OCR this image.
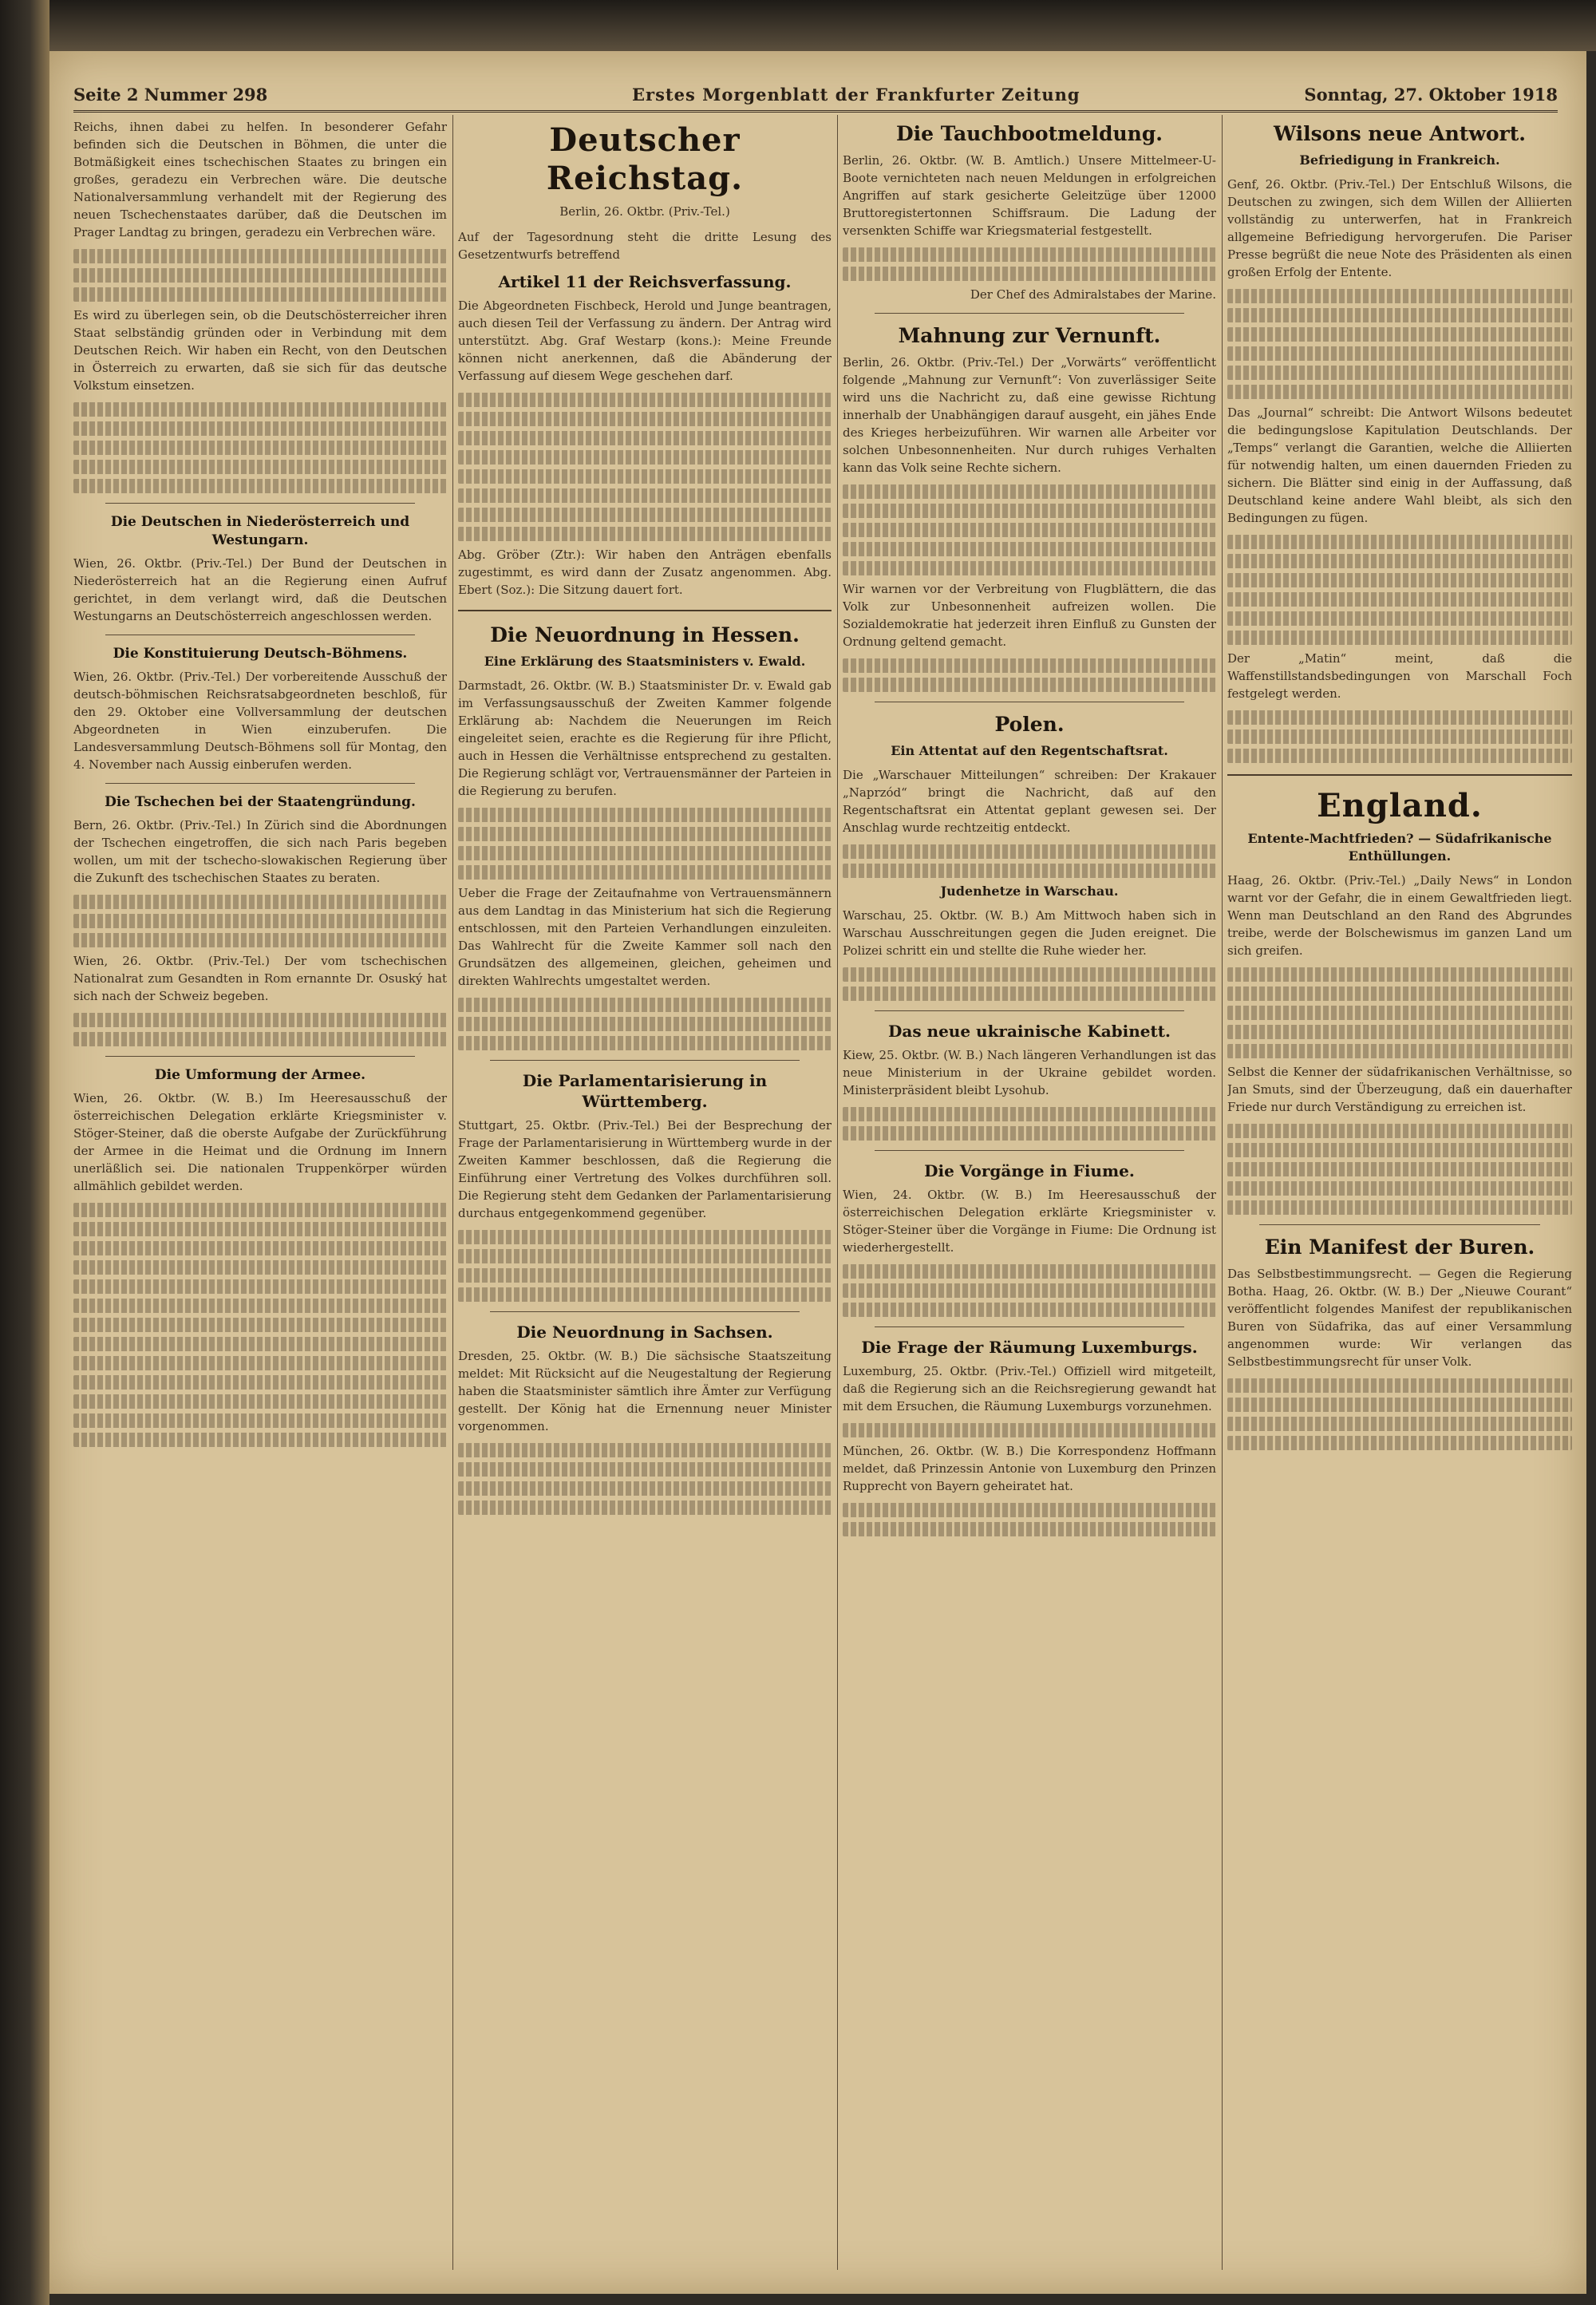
Seite 2 Nummer 298	Erstes Morgenblatt der Frankfurter Zeitung	Sonntag, 27. Oktober 1918

Reichs, ihnen dabei zu helfen. In besonderer Gefahr befinden sich die Deutschen in Böhmen, die unter die Botmäßigkeit eines tschechischen Staates zu bringen ein großes, geradezu ein Verbrechen wäre. Die deutsche Nationalversammlung verhandelt mit der Regierung des neuen Tschechenstaates darüber, daß die Deutschen im Prager Landtag zu bringen, geradezu ein Verbrechen wäre.

Es wird zu überlegen sein, ob die Deutschösterreicher ihren Staat selbständig gründen oder in Verbindung mit dem Deutschen Reich. Wir haben ein Recht, von den Deutschen in Österreich zu erwarten, daß sie sich für das deutsche Volkstum einsetzen.

Die Deutschen in Niederösterreich und Westungarn.

Wien, 26. Oktbr. (Priv.-Tel.) Der Bund der Deutschen in Niederösterreich hat an die Regierung einen Aufruf gerichtet, in dem verlangt wird, daß die Deutschen Westungarns an Deutschösterreich angeschlossen werden.

Die Konstituierung Deutsch-Böhmens.

Wien, 26. Oktbr. (Priv.-Tel.) Der vorbereitende Ausschuß der deutsch-böhmischen Reichsratsabgeordneten beschloß, für den 29. Oktober eine Vollversammlung der deutschen Abgeordneten in Wien einzuberufen. Die Landesversammlung Deutsch-Böhmens soll für Montag, den 4. November nach Aussig einberufen werden.

Die Tschechen bei der Staatengründung.

Bern, 26. Oktbr. (Priv.-Tel.) In Zürich sind die Abordnungen der Tschechen eingetroffen, die sich nach Paris begeben wollen, um mit der tschecho-slowakischen Regierung über die Zukunft des tschechischen Staates zu beraten.

Wien, 26. Oktbr. (Priv.-Tel.) Der vom tschechischen Nationalrat zum Gesandten in Rom ernannte Dr. Osuský hat sich nach der Schweiz begeben.

Die Umformung der Armee.

Wien, 26. Oktbr. (W. B.) Im Heeresausschuß der österreichischen Delegation erklärte Kriegsminister v. Stöger-Steiner, daß die oberste Aufgabe der Zurückführung der Armee in die Heimat und die Ordnung im Innern unerläßlich sei. Die nationalen Truppenkörper würden allmählich gebildet werden.

Deutscher Reichstag.

Berlin, 26. Oktbr. (Priv.-Tel.)

Auf der Tagesordnung steht die dritte Lesung des Gesetzentwurfs betreffend

Artikel 11 der Reichsverfassung.

Die Abgeordneten Fischbeck, Herold und Junge beantragen, auch diesen Teil der Verfassung zu ändern. Der Antrag wird unterstützt. Abg. Graf Westarp (kons.): Meine Freunde können nicht anerkennen, daß die Abänderung der Verfassung auf diesem Wege geschehen darf.

Abg. Gröber (Ztr.): Wir haben den Anträgen ebenfalls zugestimmt, es wird dann der Zusatz angenommen. Abg. Ebert (Soz.): Die Sitzung dauert fort.

Die Neuordnung in Hessen.
Eine Erklärung des Staatsministers v. Ewald.

Darmstadt, 26. Oktbr. (W. B.) Staatsminister Dr. v. Ewald gab im Verfassungsausschuß der Zweiten Kammer folgende Erklärung ab: Nachdem die Neuerungen im Reich eingeleitet seien, erachte es die Regierung für ihre Pflicht, auch in Hessen die Verhältnisse entsprechend zu gestalten. Die Regierung schlägt vor, Vertrauensmänner der Parteien in die Regierung zu berufen.

Ueber die Frage der Zeitaufnahme von Vertrauensmännern aus dem Landtag in das Ministerium hat sich die Regierung entschlossen, mit den Parteien Verhandlungen einzuleiten. Das Wahlrecht für die Zweite Kammer soll nach den Grundsätzen des allgemeinen, gleichen, geheimen und direkten Wahlrechts umgestaltet werden.

Die Parlamentarisierung in Württemberg.

Stuttgart, 25. Oktbr. (Priv.-Tel.) Bei der Besprechung der Frage der Parlamentarisierung in Württemberg wurde in der Zweiten Kammer beschlossen, daß die Regierung die Einführung einer Vertretung des Volkes durchführen soll. Die Regierung steht dem Gedanken der Parlamentarisierung durchaus entgegenkommend gegenüber.

Die Neuordnung in Sachsen.

Dresden, 25. Oktbr. (W. B.) Die sächsische Staatszeitung meldet: Mit Rücksicht auf die Neugestaltung der Regierung haben die Staatsminister sämtlich ihre Ämter zur Verfügung gestellt. Der König hat die Ernennung neuer Minister vorgenommen.

Die Tauchbootmeldung.

Berlin, 26. Oktbr. (W. B. Amtlich.) Unsere Mittelmeer-U-Boote vernichteten nach neuen Meldungen in erfolgreichen Angriffen auf stark gesicherte Geleitzüge über 12000 Bruttoregistertonnen Schiffsraum. Die Ladung der versenkten Schiffe war Kriegsmaterial festgestellt.

Der Chef des Admiralstabes der Marine.

Mahnung zur Vernunft.

Berlin, 26. Oktbr. (Priv.-Tel.) Der „Vorwärts“ veröffentlicht folgende „Mahnung zur Vernunft“: Von zuverlässiger Seite wird uns die Nachricht zu, daß eine gewisse Richtung innerhalb der Unabhängigen darauf ausgeht, ein jähes Ende des Krieges herbeizuführen. Wir warnen alle Arbeiter vor solchen Unbesonnenheiten. Nur durch ruhiges Verhalten kann das Volk seine Rechte sichern.

Wir warnen vor der Verbreitung von Flugblättern, die das Volk zur Unbesonnenheit aufreizen wollen. Die Sozialdemokratie hat jederzeit ihren Einfluß zu Gunsten der Ordnung geltend gemacht.

Polen.
Ein Attentat auf den Regentschaftsrat.

Die „Warschauer Mitteilungen“ schreiben: Der Krakauer „Naprzód“ bringt die Nachricht, daß auf den Regentschaftsrat ein Attentat geplant gewesen sei. Der Anschlag wurde rechtzeitig entdeckt.

Judenhetze in Warschau.

Warschau, 25. Oktbr. (W. B.) Am Mittwoch haben sich in Warschau Ausschreitungen gegen die Juden ereignet. Die Polizei schritt ein und stellte die Ruhe wieder her.

Das neue ukrainische Kabinett.

Kiew, 25. Oktbr. (W. B.) Nach längeren Verhandlungen ist das neue Ministerium in der Ukraine gebildet worden. Ministerpräsident bleibt Lysohub.

Die Vorgänge in Fiume.

Wien, 24. Oktbr. (W. B.) Im Heeresausschuß der österreichischen Delegation erklärte Kriegsminister v. Stöger-Steiner über die Vorgänge in Fiume: Die Ordnung ist wiederhergestellt.

Die Frage der Räumung Luxemburgs.

Luxemburg, 25. Oktbr. (Priv.-Tel.) Offiziell wird mitgeteilt, daß die Regierung sich an die Reichsregierung gewandt hat mit dem Ersuchen, die Räumung Luxemburgs vorzunehmen.

München, 26. Oktbr. (W. B.) Die Korrespondenz Hoffmann meldet, daß Prinzessin Antonie von Luxemburg den Prinzen Rupprecht von Bayern geheiratet hat.

Wilsons neue Antwort.
Befriedigung in Frankreich.

Genf, 26. Oktbr. (Priv.-Tel.) Der Entschluß Wilsons, die Deutschen zu zwingen, sich dem Willen der Alliierten vollständig zu unterwerfen, hat in Frankreich allgemeine Befriedigung hervorgerufen. Die Pariser Presse begrüßt die neue Note des Präsidenten als einen großen Erfolg der Entente.

Das „Journal“ schreibt: Die Antwort Wilsons bedeutet die bedingungslose Kapitulation Deutschlands. Der „Temps“ verlangt die Garantien, welche die Alliierten für notwendig halten, um einen dauernden Frieden zu sichern. Die Blätter sind einig in der Auffassung, daß Deutschland keine andere Wahl bleibt, als sich den Bedingungen zu fügen.

Der „Matin“ meint, daß die Waffenstillstandsbedingungen von Marschall Foch festgelegt werden.

England.
Entente-Machtfrieden? — Südafrikanische Enthüllungen.

Haag, 26. Oktbr. (Priv.-Tel.) „Daily News“ in London warnt vor der Gefahr, die in einem Gewaltfrieden liegt. Wenn man Deutschland an den Rand des Abgrundes treibe, werde der Bolschewismus im ganzen Land um sich greifen.

Selbst die Kenner der südafrikanischen Verhältnisse, so Jan Smuts, sind der Überzeugung, daß ein dauerhafter Friede nur durch Verständigung zu erreichen ist.

Ein Manifest der Buren.

Das Selbstbestimmungsrecht. — Gegen die Regierung Botha. Haag, 26. Oktbr. (W. B.) Der „Nieuwe Courant“ veröffentlicht folgendes Manifest der republikanischen Buren von Südafrika, das auf einer Versammlung angenommen wurde: Wir verlangen das Selbstbestimmungsrecht für unser Volk.
